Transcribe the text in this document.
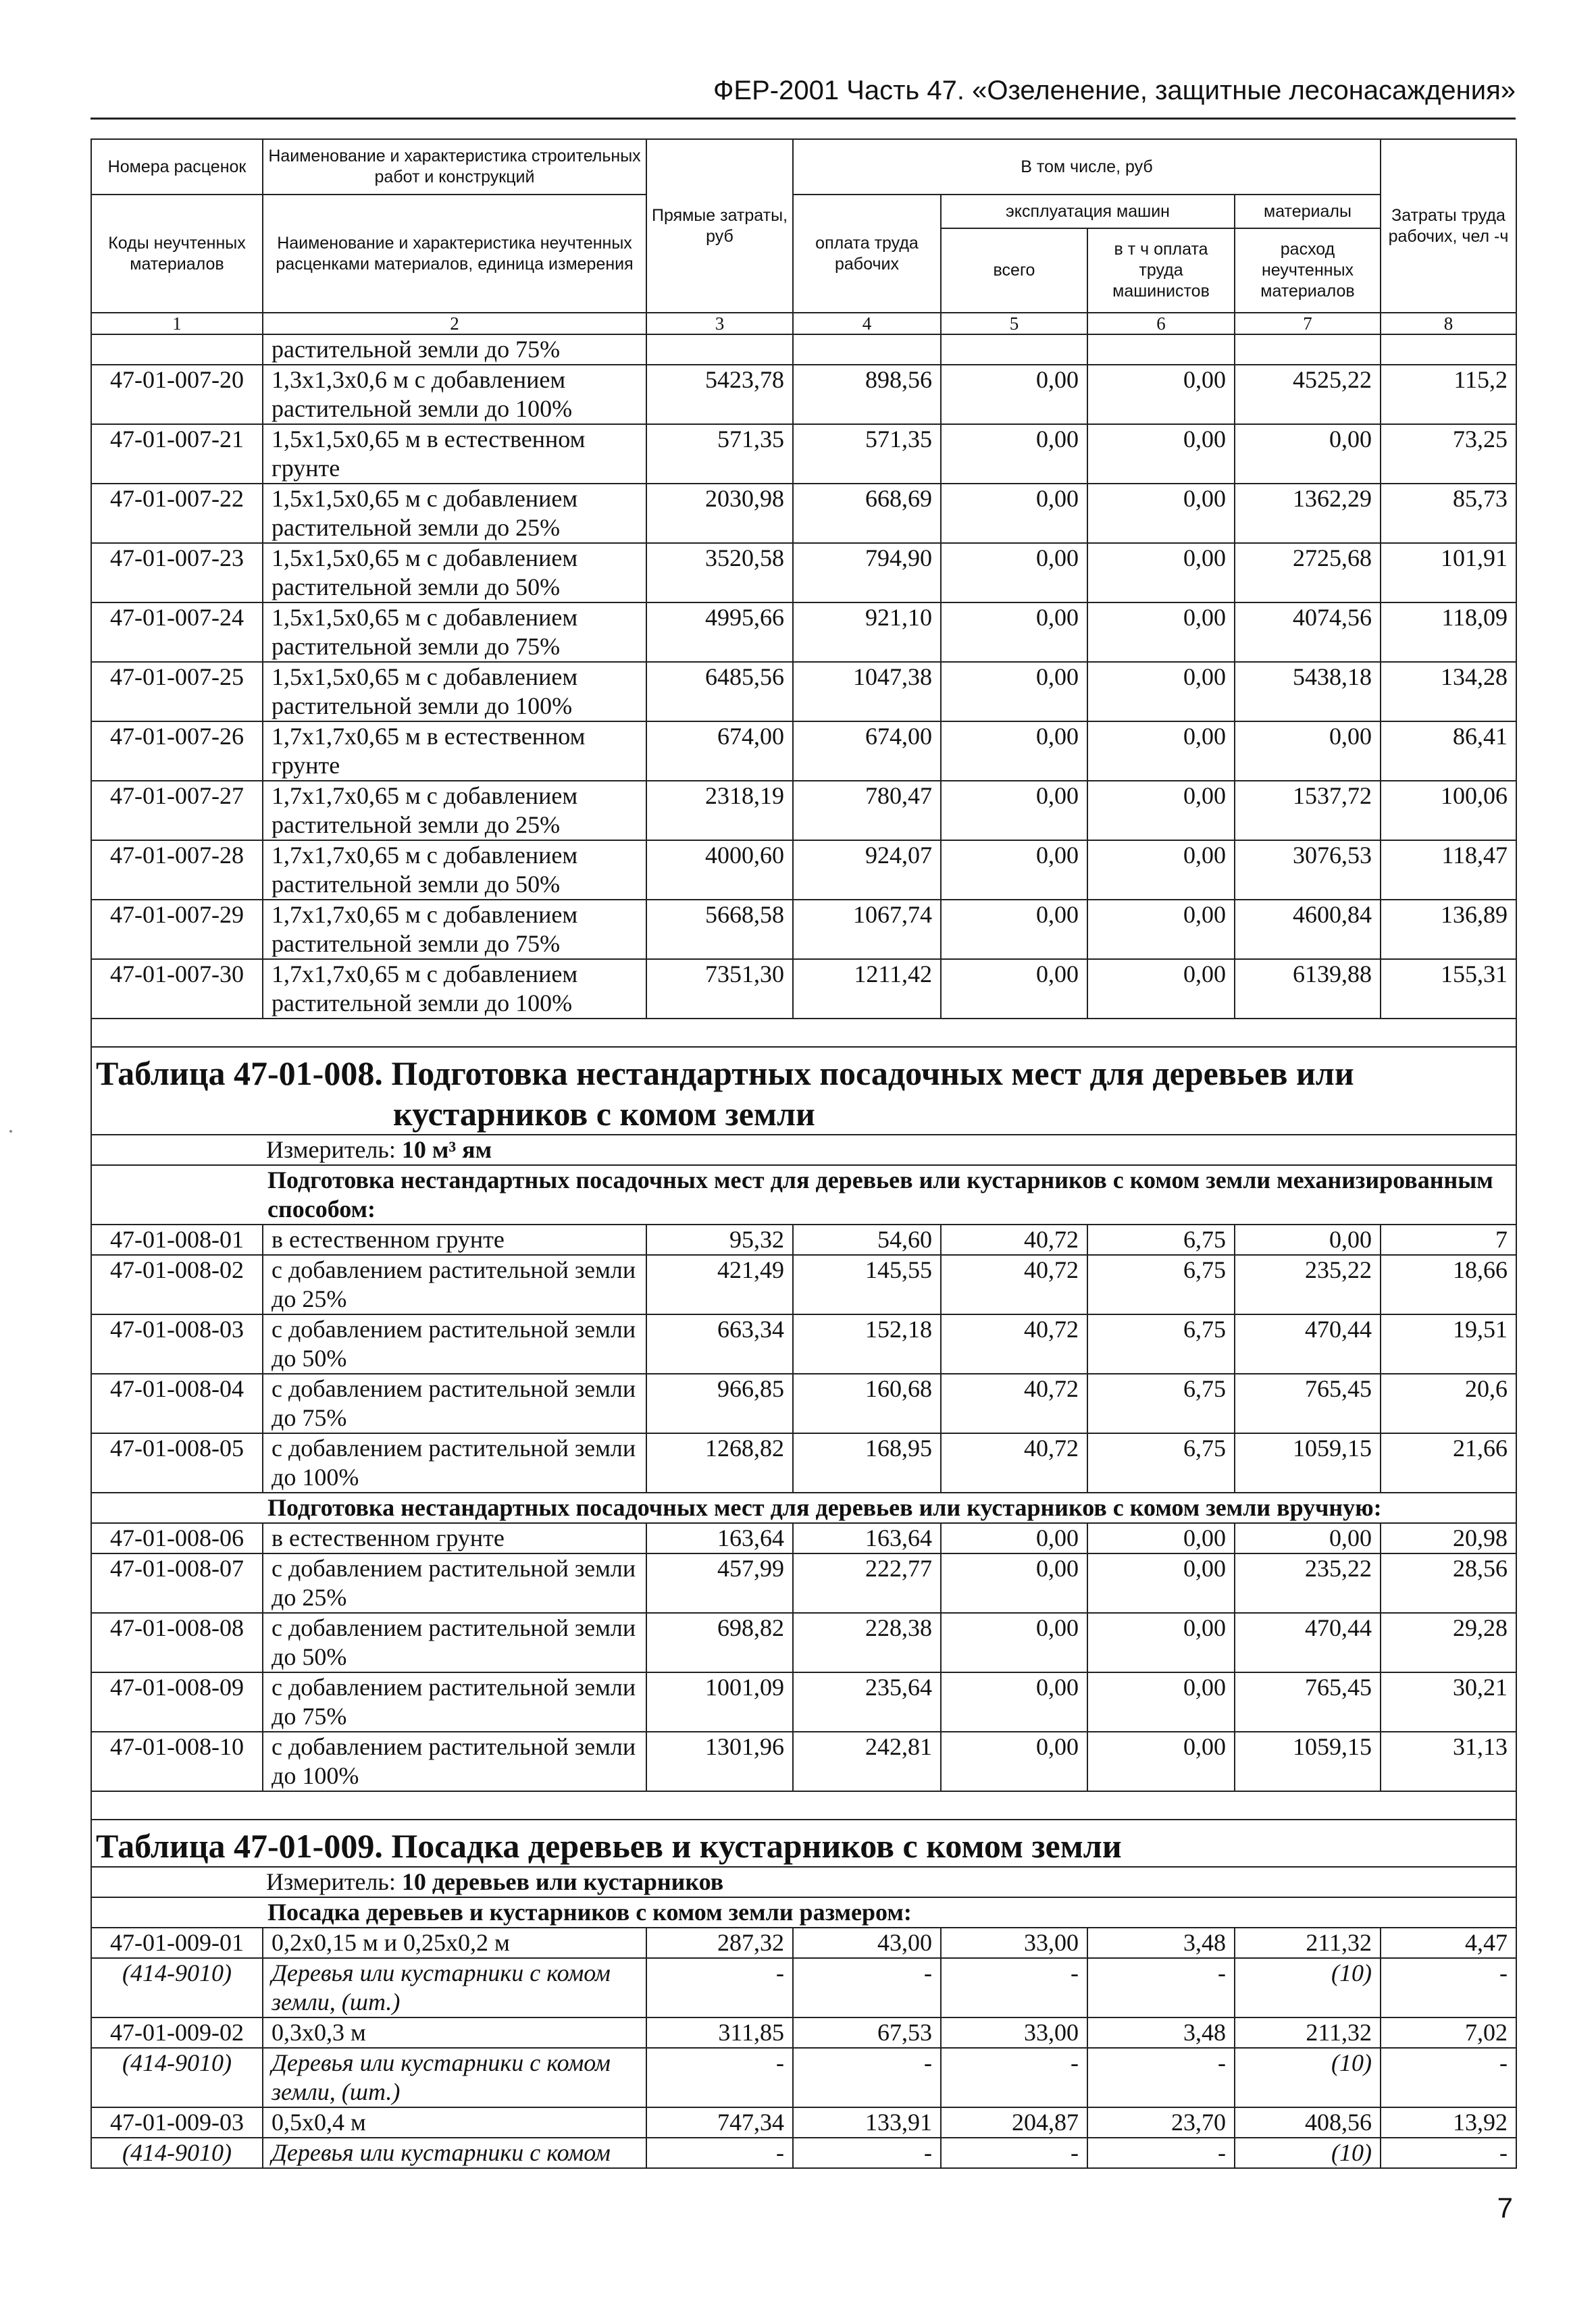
ФЕР-2001 Часть 47. «Озеленение, защитные лесонасаждения»
Номера расценок	Наименование и характеристика строительных работ и конструкций	Прямые затраты, руб	В том числе, руб				Затраты труда рабочих, чел -ч
Коды неучтенных материалов	Наименование и характеристика неучтенных расценками материалов, единица измерения		оплата труда рабочих	эксплуатация машин		материалы	
				всего	в т ч оплата труда машинистов	расход неучтенных материалов	
1	2	3	4	5	6	7	8
	растительной земли до 75%						
47-01-007-20	1,3х1,3х0,6 м с добавлением растительной земли до 100%	5423,78	898,56	0,00	0,00	4525,22	115,2
47-01-007-21	1,5х1,5х0,65 м в естественном грунте	571,35	571,35	0,00	0,00	0,00	73,25
47-01-007-22	1,5х1,5х0,65 м с добавлением растительной земли до 25%	2030,98	668,69	0,00	0,00	1362,29	85,73
47-01-007-23	1,5х1,5х0,65 м с добавлением растительной земли до 50%	3520,58	794,90	0,00	0,00	2725,68	101,91
47-01-007-24	1,5х1,5х0,65 м с добавлением растительной земли до 75%	4995,66	921,10	0,00	0,00	4074,56	118,09
47-01-007-25	1,5х1,5х0,65 м с добавлением растительной земли до 100%	6485,56	1047,38	0,00	0,00	5438,18	134,28
47-01-007-26	1,7х1,7х0,65 м в естественном грунте	674,00	674,00	0,00	0,00	0,00	86,41
47-01-007-27	1,7х1,7х0,65 м с добавлением растительной земли до 25%	2318,19	780,47	0,00	0,00	1537,72	100,06
47-01-007-28	1,7х1,7х0,65 м с добавлением растительной земли до 50%	4000,60	924,07	0,00	0,00	3076,53	118,47
47-01-007-29	1,7х1,7х0,65 м с добавлением растительной земли до 75%	5668,58	1067,74	0,00	0,00	4600,84	136,89
47-01-007-30	1,7х1,7х0,65 м с добавлением растительной земли до 100%	7351,30	1211,42	0,00	0,00	6139,88	155,31

Таблица 47-01-008. Подготовка нестандартных посадочных мест для деревьев или
кустарников с комом земли							

Измеритель: 10 м³ ям							
Подготовка нестандартных посадочных мест для деревьев или кустарников с комом земли механизированным способом:							
47-01-008-01	в естественном грунте	95,32	54,60	40,72	6,75	0,00	7
47-01-008-02	с добавлением растительной земли до 25%	421,49	145,55	40,72	6,75	235,22	18,66
47-01-008-03	с добавлением растительной земли до 50%	663,34	152,18	40,72	6,75	470,44	19,51
47-01-008-04	с добавлением растительной земли до 75%	966,85	160,68	40,72	6,75	765,45	20,6
47-01-008-05	с добавлением растительной земли до 100%	1268,82	168,95	40,72	6,75	1059,15	21,66
Подготовка нестандартных посадочных мест для деревьев или кустарников с комом земли вручную:							
47-01-008-06	в естественном грунте	163,64	163,64	0,00	0,00	0,00	20,98
47-01-008-07	с добавлением растительной земли до 25%	457,99	222,77	0,00	0,00	235,22	28,56
47-01-008-08	с добавлением растительной земли до 50%	698,82	228,38	0,00	0,00	470,44	29,28
47-01-008-09	с добавлением растительной земли до 75%	1001,09	235,64	0,00	0,00	765,45	30,21
47-01-008-10	с добавлением растительной земли до 100%	1301,96	242,81	0,00	0,00	1059,15	31,13

Таблица 47-01-009. Посадка деревьев и кустарников с комом земли							
Измеритель: 10 деревьев или кустарников							
Посадка деревьев и кустарников с комом земли размером:							
47-01-009-01	0,2х0,15 м и 0,25х0,2 м	287,32	43,00	33,00	3,48	211,32	4,47
(414-9010)	Деревья или кустарники с комом земли, (шт.)	-	-	-	-	(10)	-
47-01-009-02	0,3х0,3 м	311,85	67,53	33,00	3,48	211,32	7,02
(414-9010)	Деревья или кустарники с комом земли, (шт.)	-	-	-	-	(10)	-
47-01-009-03	0,5х0,4 м	747,34	133,91	204,87	23,70	408,56	13,92
(414-9010)	Деревья или кустарники с комом	-	-	-	-	(10)	-
7
